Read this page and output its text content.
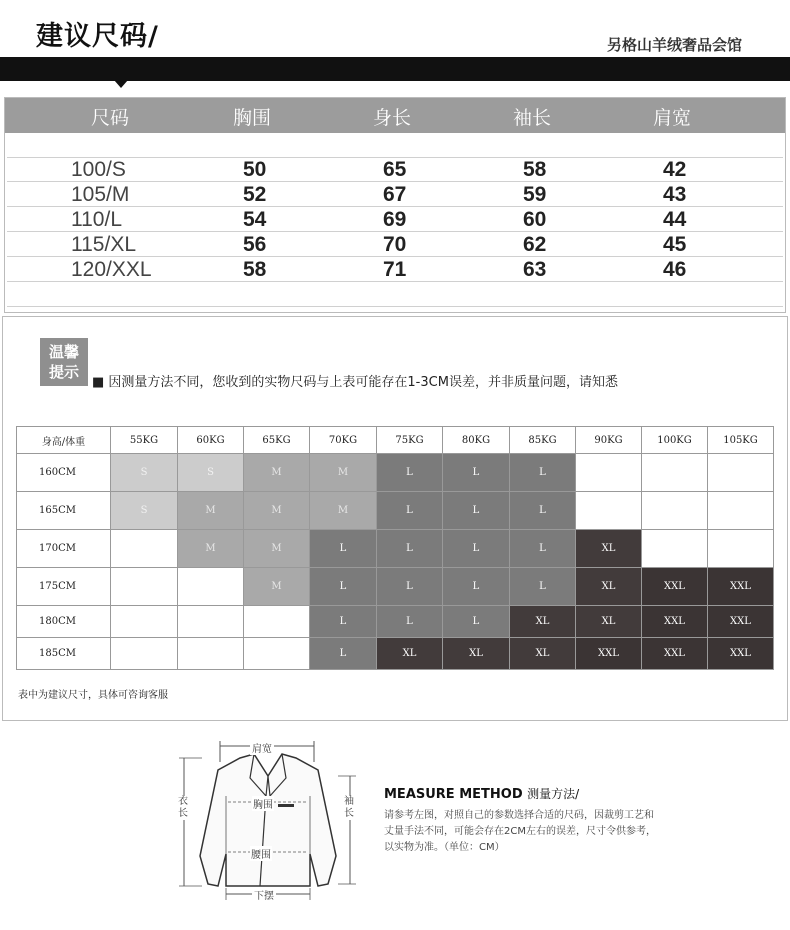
建议尺码/	另格山羊绒奢品会馆
尺码	胸围	身长	袖长	肩宽
100/S	50	65	58	42
105/M	52	67	59	43
110/L	54	69	60	44
115/XL	56	70	62	45
120/XXL	58	71	63	46
温馨
提示
■ 因测量方法不同，您收到的实物尺码与上表可能存在1-3CM误差，并非质量问题，请知悉
身高/体重	55KG	60KG	65KG	70KG	75KG	80KG	85KG	90KG	100KG	105KG
160CM	S	S	M	M	L	L	L			
165CM	S	M	M	M	L	L	L			
170CM		M	M	L	L	L	L	XL		
175CM			M	L	L	L	L	XL	XXL	XXL
180CM				L	L	L	XL	XL	XXL	XXL
185CM				L	XL	XL	XL	XXL	XXL	XXL
表中为建议尺寸，具体可咨询客服
肩宽
胸围
腰围
衣长
袖长
下摆
MEASURE METHOD 测量方法/
请参考左图，对照自己的参数选择合适的尺码，因裁剪工艺和
丈量手法不同，可能会存在2CM左右的误差，尺寸令供参考，
以实物为准。（单位：CM）
